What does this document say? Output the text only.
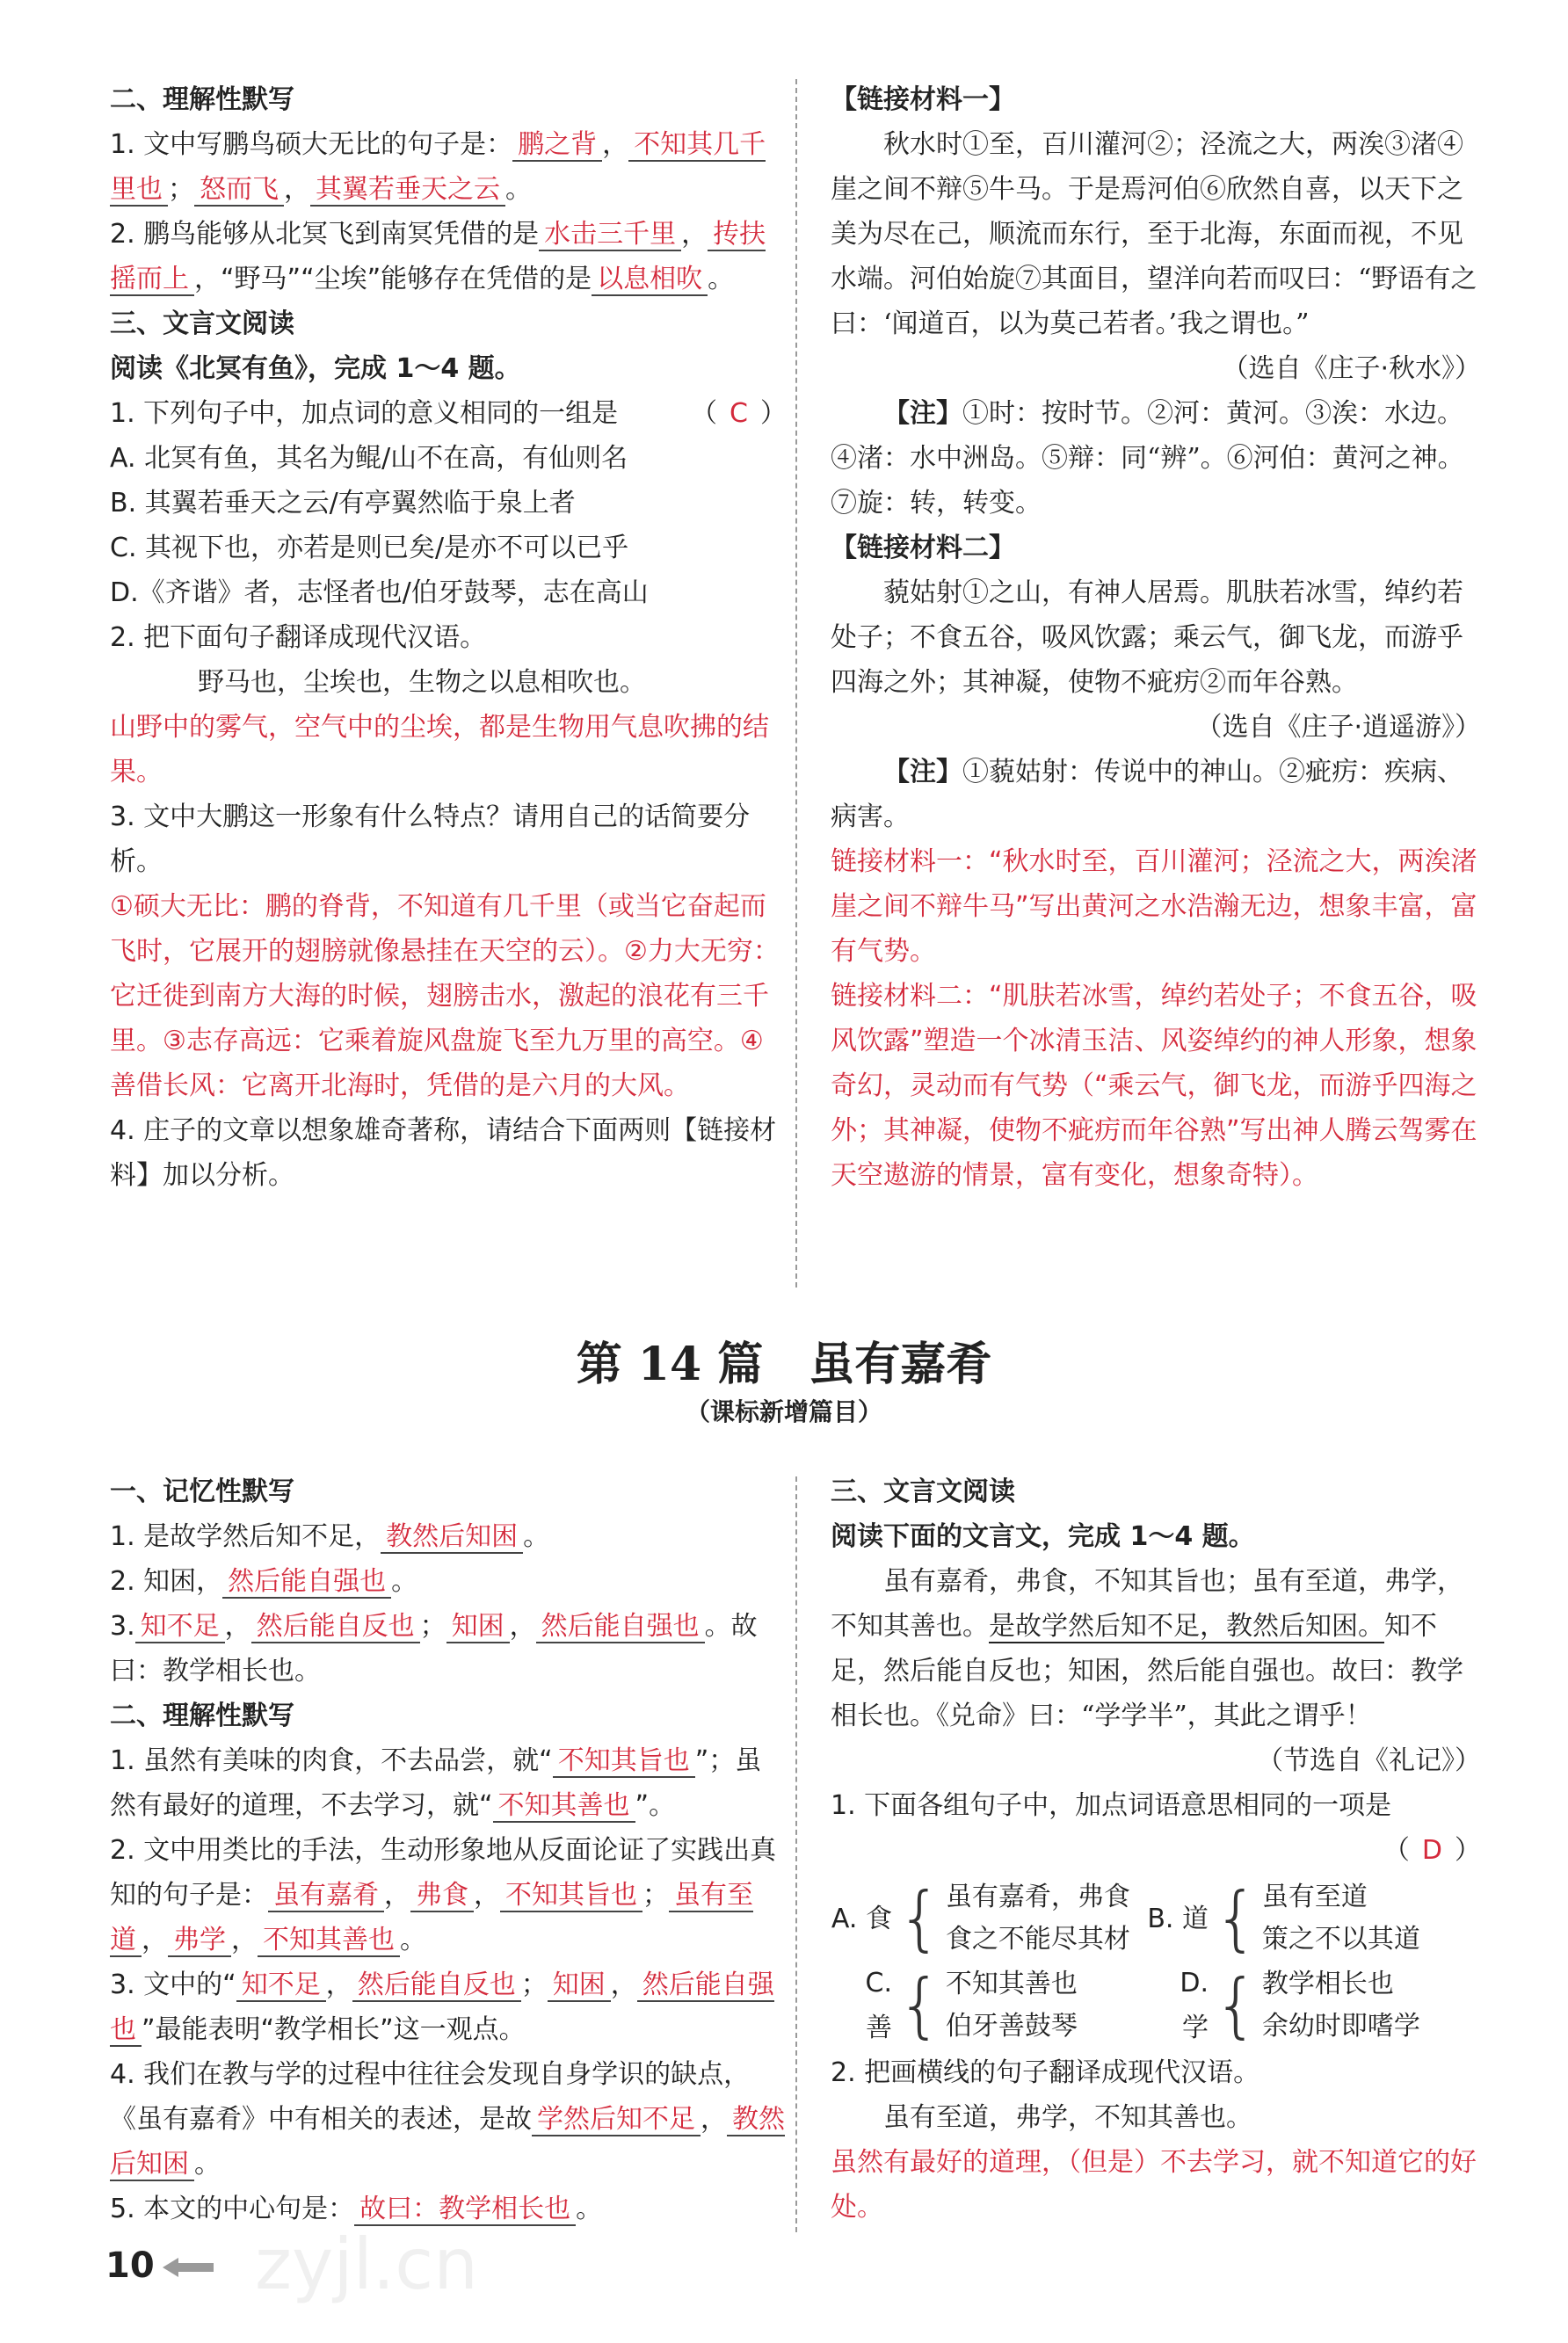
二、理解性默写

1. 文中写鹏鸟硕大无比的句子是： 鹏之背 ， 不知其几千里也 ； 怒而飞 ， 其翼若垂天之云 。

2. 鹏鸟能够从北冥飞到南冥凭借的是 水击三千里 ， 抟扶摇而上 ，“野马”“尘埃”能够存在凭借的是 以息相吹 。

三、文言文阅读

阅读《北冥有鱼》，完成 1～4 题。

1. 下列句子中，加点词的意义相同的一组是	（ C ）

A. 北冥有鱼，其名为鲲/山不在高，有仙则名

B. 其翼若垂天之云/有亭翼然临于泉上者

C. 其视下也，亦若是则已矣/是亦不可以已乎

D.《齐谐》者，志怪者也/伯牙鼓琴，志在高山

2. 把下面句子翻译成现代汉语。

野马也，尘埃也，生物之以息相吹也。

山野中的雾气，空气中的尘埃，都是生物用气息吹拂的结果。

3. 文中大鹏这一形象有什么特点？请用自己的话简要分析。

①硕大无比：鹏的脊背，不知道有几千里（或当它奋起而飞时，它展开的翅膀就像悬挂在天空的云）。②力大无穷：它迁徙到南方大海的时候，翅膀击水，激起的浪花有三千里。③志存高远：它乘着旋风盘旋飞至九万里的高空。④善借长风：它离开北海时，凭借的是六月的大风。

4. 庄子的文章以想象雄奇著称，请结合下面两则【链接材料】加以分析。

【链接材料一】

秋水时①至，百川灌河②；泾流之大，两涘③渚④崖之间不辩⑤牛马。于是焉河伯⑥欣然自喜，以天下之美为尽在己，顺流而东行，至于北海，东面而视，不见水端。河伯始旋⑦其面目，望洋向若而叹曰：“野语有之曰：‘闻道百，以为莫己若者。’我之谓也。”

（选自《庄子·秋水》）

【注】①时：按时节。②河：黄河。③涘：水边。④渚：水中洲岛。⑤辩：同“辨”。⑥河伯：黄河之神。⑦旋：转，转变。

【链接材料二】

藐姑射①之山，有神人居焉。肌肤若冰雪，绰约若处子；不食五谷，吸风饮露；乘云气，御飞龙，而游乎四海之外；其神凝，使物不疵疠②而年谷熟。

（选自《庄子·逍遥游》）

【注】①藐姑射：传说中的神山。②疵疠：疾病、病害。

链接材料一：“秋水时至，百川灌河；泾流之大，两涘渚崖之间不辩牛马”写出黄河之水浩瀚无边，想象丰富，富有气势。

链接材料二：“肌肤若冰雪，绰约若处子；不食五谷，吸风饮露”塑造一个冰清玉洁、风姿绰约的神人形象，想象奇幻，灵动而有气势（“乘云气，御飞龙，而游乎四海之外；其神凝，使物不疵疠而年谷熟”写出神人腾云驾雾在天空遨游的情景，富有变化，想象奇特）。

第 14 篇　虽有嘉肴
（课标新增篇目）

一、记忆性默写

1. 是故学然后知不足， 教然后知困 。

2. 知困， 然后能自强也 。

3. 知不足 ， 然后能自反也 ； 知困 ， 然后能自强也 。故曰：教学相长也。

二、理解性默写

1. 虽然有美味的肉食，不去品尝，就“ 不知其旨也 ”；虽然有最好的道理，不去学习，就“ 不知其善也 ”。

2. 文中用类比的手法，生动形象地从反面论证了实践出真知的句子是： 虽有嘉肴 ， 弗食 ， 不知其旨也 ； 虽有至道 ， 弗学 ， 不知其善也 。

3. 文中的“ 知不足 ， 然后能自反也 ； 知困 ， 然后能自强也 ”最能表明“教学相长”这一观点。

4. 我们在教与学的过程中往往会发现自身学识的缺点，《虽有嘉肴》中有相关的表述，是故 学然后知不足 ， 教然后知困 。

5. 本文的中心句是： 故曰：教学相长也 。

三、文言文阅读

阅读下面的文言文，完成 1～4 题。

虽有嘉肴，弗食，不知其旨也；虽有至道，弗学，不知其善也。是故学然后知不足，教然后知困。知不足，然后能自反也；知困，然后能自强也。故曰：教学相长也。《兑命》曰：“学学半”，其此之谓乎！

（节选自《礼记》）

1. 下面各组句子中，加点词语意思相同的一项是

（ D ）

A. 食 { 虽有嘉肴，弗食
食之不能尽其材
B. 道 { 虽有至道
策之不以其道
C. 善 { 不知其善也
伯牙善鼓琴
D. 学 { 教学相长也
余幼时即嗜学

2. 把画横线的句子翻译成现代汉语。

虽有至道，弗学，不知其善也。

虽然有最好的道理，（但是）不去学习，就不知道它的好处。

10 zyjl.cn
